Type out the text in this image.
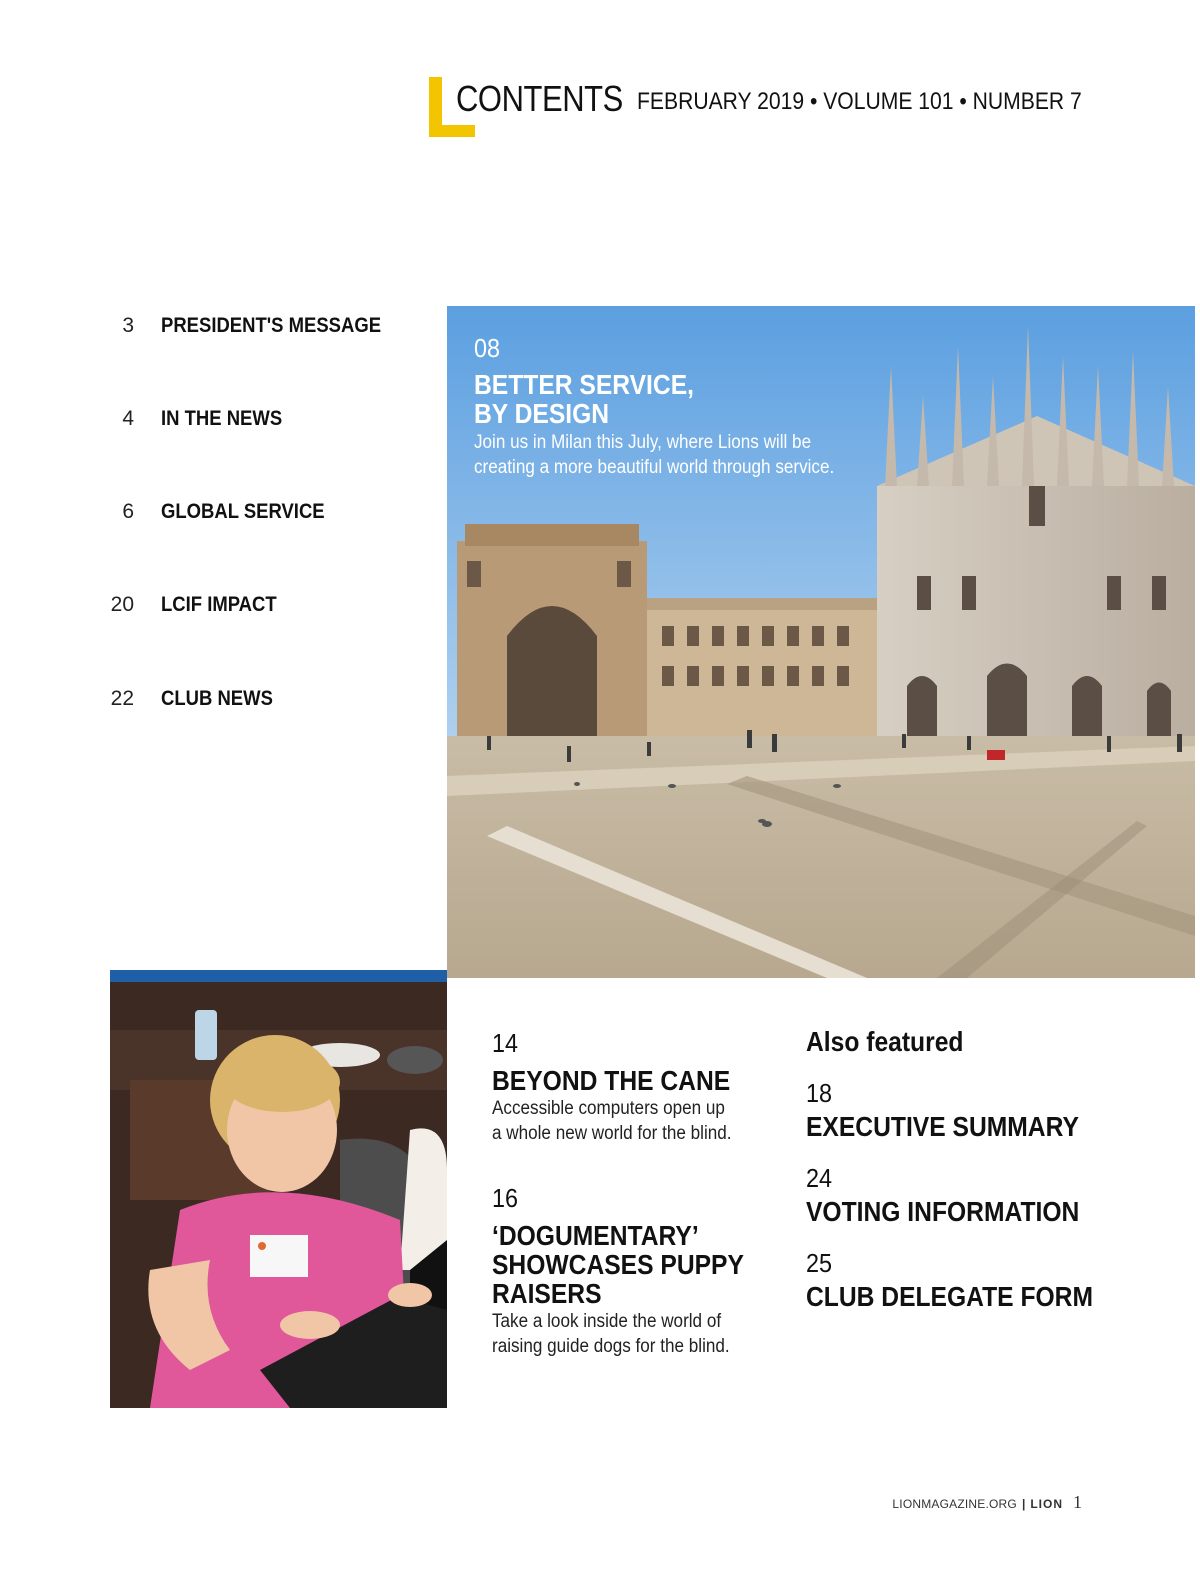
CONTENTS FEBRUARY 2019 • VOLUME 101 • NUMBER 7
3 PRESIDENT'S MESSAGE
4 IN THE NEWS
6 GLOBAL SERVICE
20 LCIF IMPACT
22 CLUB NEWS
08
BETTER SERVICE,
BY DESIGN
Join us in Milan this July, where Lions will be
creating a more beautiful world through service.
14
BEYOND THE CANE
Accessible computers open up
a whole new world for the blind.
16
‘DOGUMENTARY’
SHOWCASES PUPPY
RAISERS
Take a look inside the world of
raising guide dogs for the blind.
Also featured
18
EXECUTIVE SUMMARY
24
VOTING INFORMATION
25
CLUB DELEGATE FORM
LIONMAGAZINE.ORG | LION 1
